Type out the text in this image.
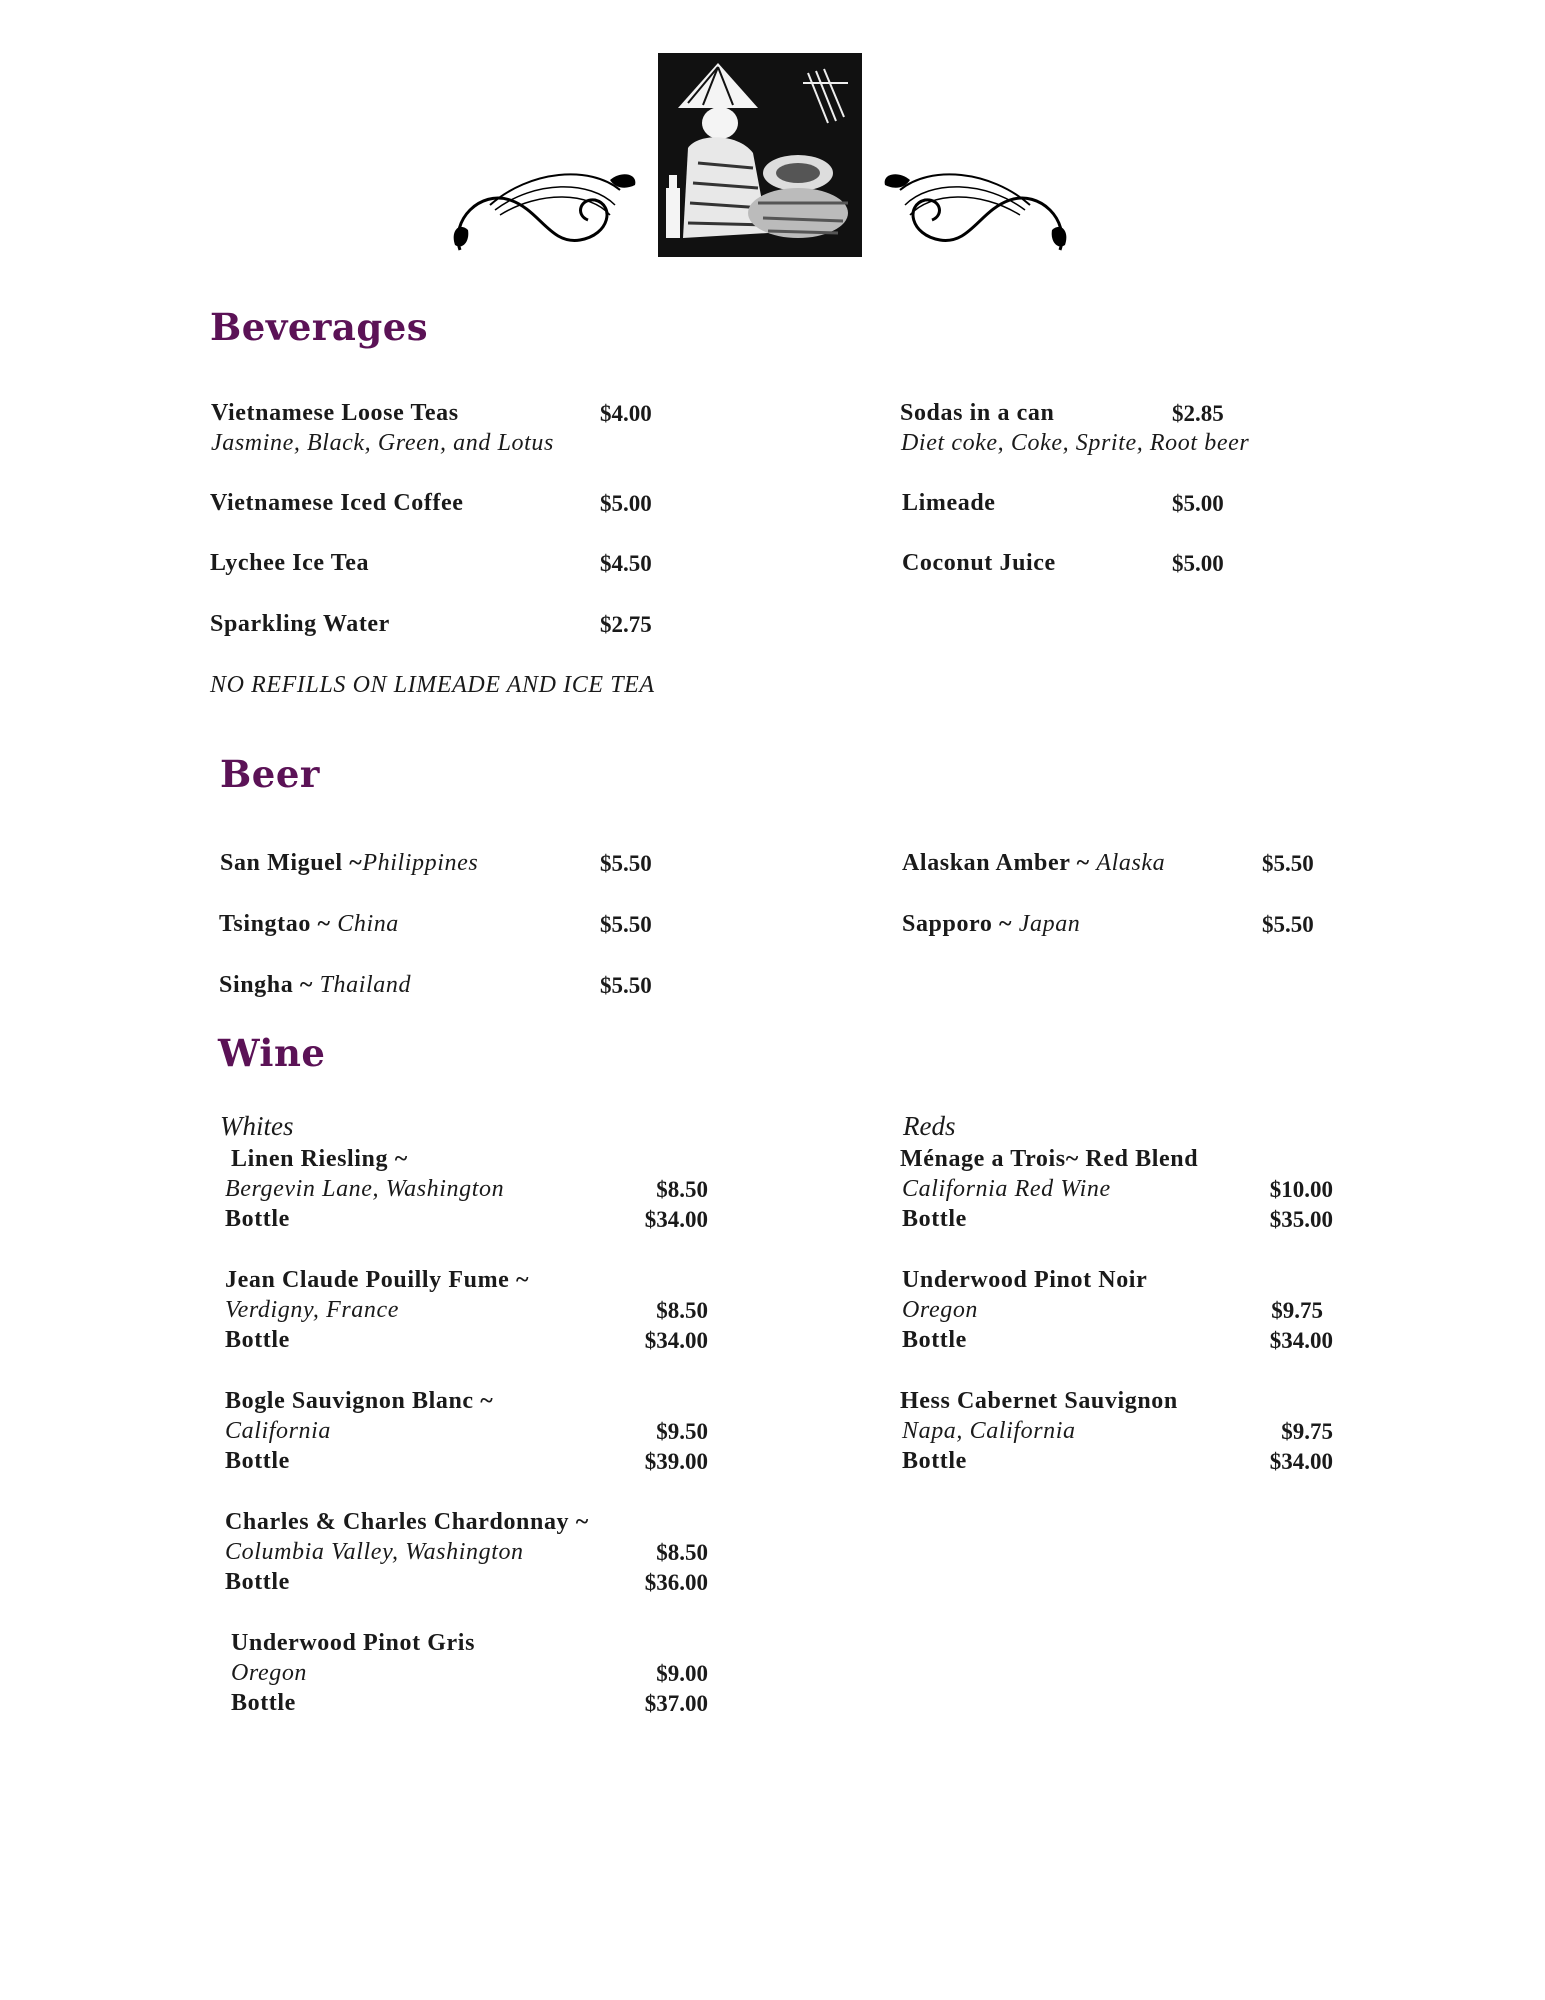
Beverages
Vietnamese Loose Teas	$4.00
Jasmine, Black, Green, and Lotus
Vietnamese Iced Coffee	$5.00
Lychee Ice Tea	$4.50
Sparkling Water	$2.75
Sodas in a can	$2.85
Diet coke, Coke, Sprite, Root beer
Limeade	$5.00
Coconut Juice	$5.00
NO REFILLS ON LIMEADE AND ICE TEA
Beer
San Miguel ~Philippines	$5.50
Tsingtao ~ China	$5.50
Singha ~ Thailand	$5.50
Alaskan Amber ~ Alaska	$5.50
Sapporo ~ Japan	$5.50
Wine
Whites	Reds
Linen Riesling ~
Bergevin Lane, Washington	$8.50
Bottle	$34.00
Jean Claude Pouilly Fume ~
Verdigny, France	$8.50
Bottle	$34.00
Bogle Sauvignon Blanc ~
California	$9.50
Bottle	$39.00
Charles & Charles Chardonnay ~
Columbia Valley, Washington	$8.50
Bottle	$36.00
Underwood Pinot Gris
Oregon	$9.00
Bottle	$37.00
Ménage a Trois~ Red Blend
California Red Wine	$10.00
Bottle	$35.00
Underwood Pinot Noir
Oregon	$9.75
Bottle	$34.00
Hess Cabernet Sauvignon
Napa, California	$9.75
Bottle	$34.00
